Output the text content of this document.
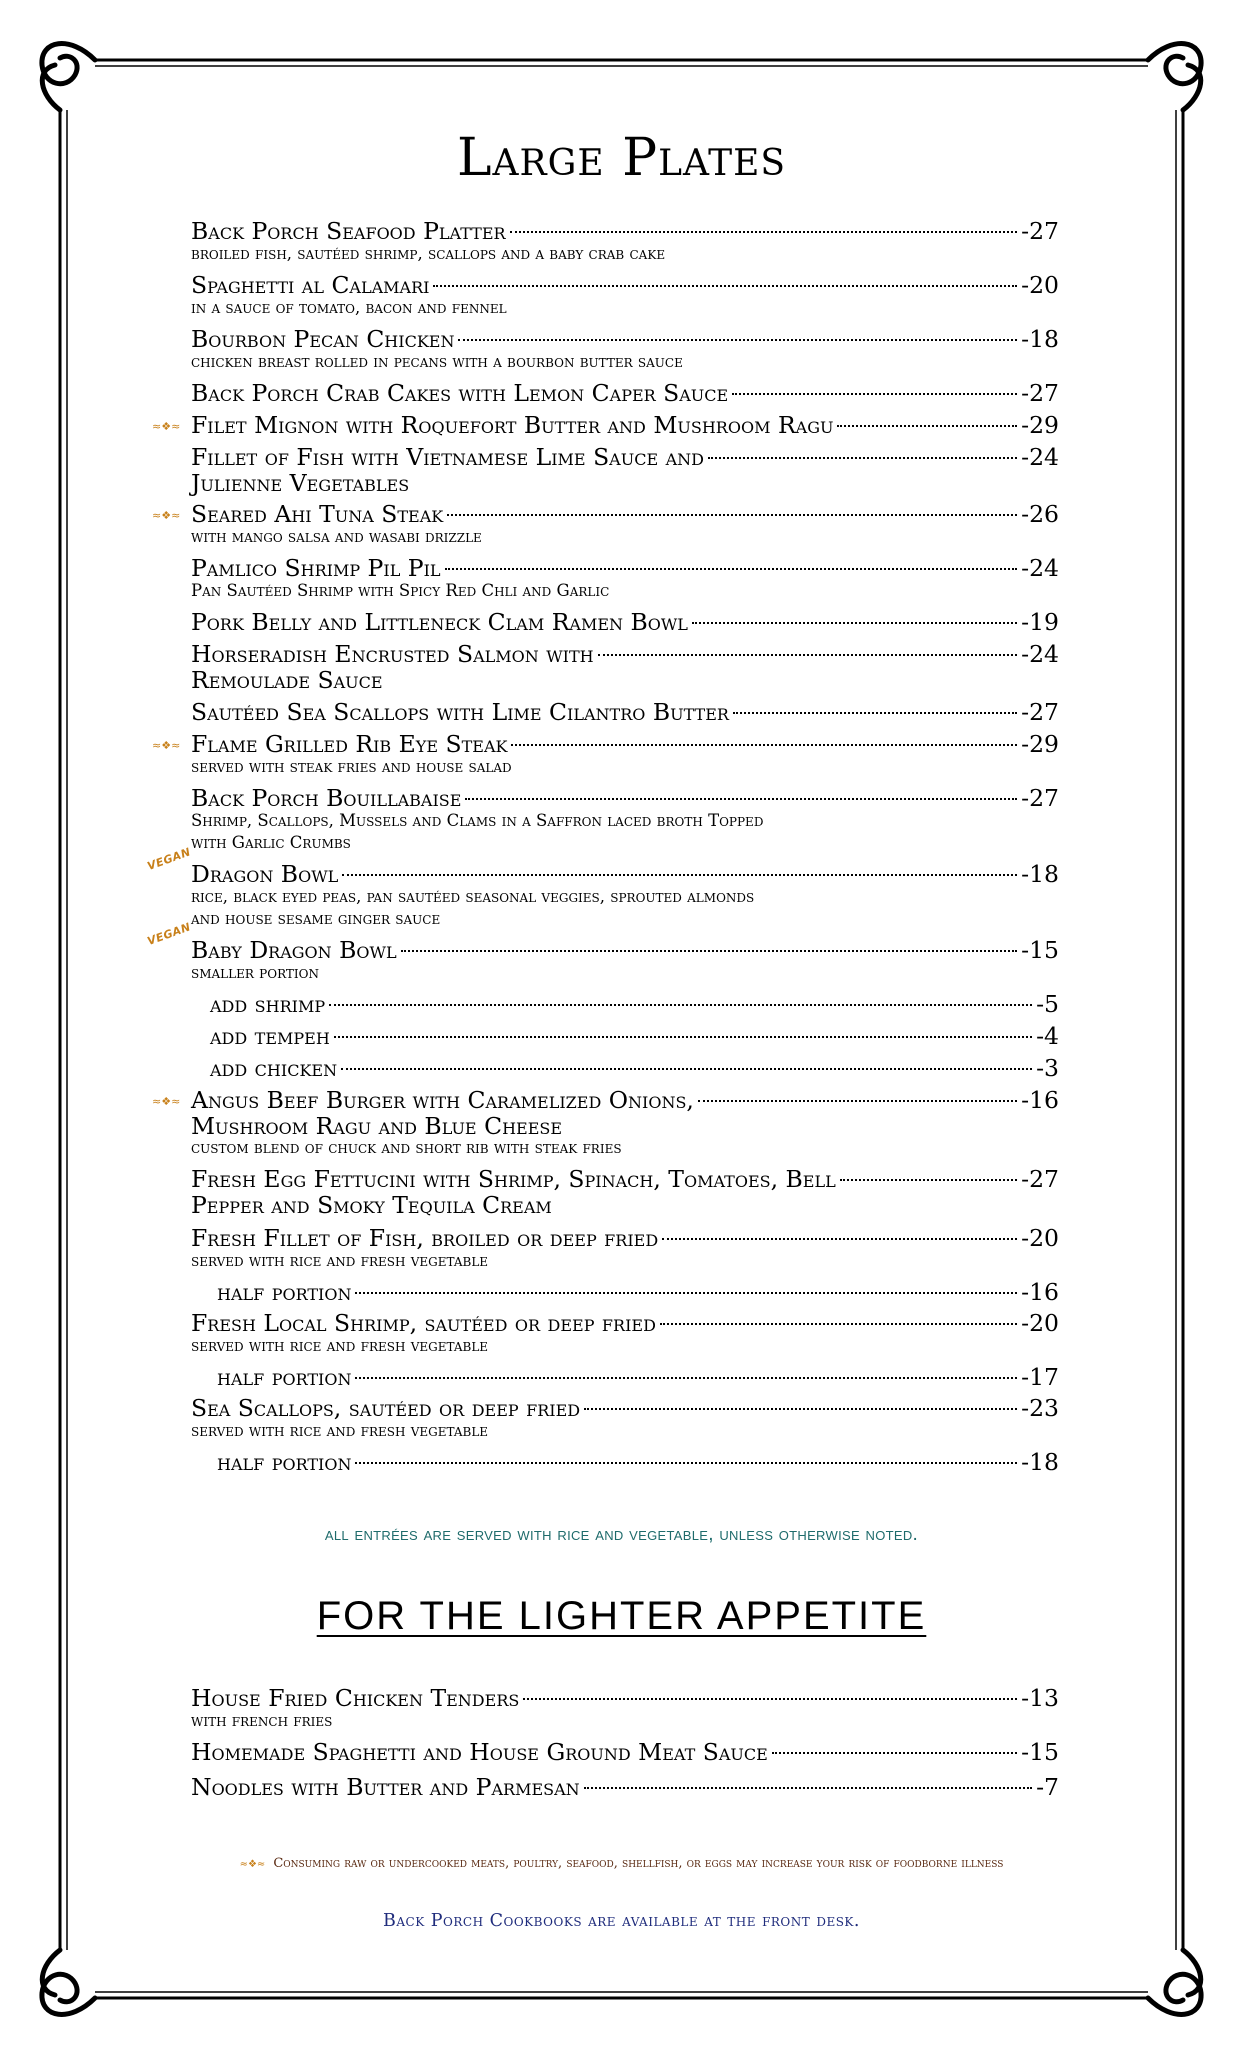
Large Plates
Back Porch Seafood Platter	-27
broiled fish, sautéed shrimp, scallops and a baby crab cake
Spaghetti al Calamari	-20
in a sauce of tomato, bacon and fennel
Bourbon Pecan Chicken	-18
chicken breast rolled in pecans with a bourbon butter sauce
Back Porch Crab Cakes with Lemon Caper Sauce	-27
≈❖≈ Filet Mignon with Roquefort Butter and Mushroom Ragu	-29
Fillet of Fish with Vietnamese Lime Sauce and	-24
Julienne Vegetables
≈❖≈ Seared Ahi Tuna Steak	-26
with mango salsa and wasabi drizzle
Pamlico Shrimp Pil Pil	-24
Pan Sautéed Shrimp with Spicy Red Chli and Garlic
Pork Belly and Littleneck Clam Ramen Bowl	-19
Horseradish Encrusted Salmon with	-24
Remoulade Sauce
Sautéed Sea Scallops with Lime Cilantro Butter	-27
≈❖≈ Flame Grilled Rib Eye Steak	-29
served with steak fries and house salad
Back Porch Bouillabaise	-27
Shrimp, Scallops, Mussels and Clams in a Saffron laced broth Topped
with Garlic Crumbs
VEGAN
Dragon Bowl	-18
rice, black eyed peas, pan sautéed seasonal veggies, sprouted almonds
and house sesame ginger sauce
VEGAN
Baby Dragon Bowl	-15
smaller portion
add shrimp	-5
add tempeh	-4
add chicken	-3
≈❖≈ Angus Beef Burger with Caramelized Onions,	-16
Mushroom Ragu and Blue Cheese
custom blend of chuck and short rib with steak fries
Fresh Egg Fettucini with Shrimp, Spinach, Tomatoes, Bell	-27
Pepper and Smoky Tequila Cream
Fresh Fillet of Fish, broiled or deep fried	-20
served with rice and fresh vegetable
half portion	-16
Fresh Local Shrimp, sautéed or deep fried	-20
served with rice and fresh vegetable
half portion	-17
Sea Scallops, sautéed or deep fried	-23
served with rice and fresh vegetable
half portion	-18
all entrées are served with rice and vegetable, unless otherwise noted.
FOR THE LIGHTER APPETITE
House Fried Chicken Tenders	-13
with french fries
Homemade Spaghetti and House Ground Meat Sauce	-15
Noodles with Butter and Parmesan	-7
≈❖≈ Consuming raw or undercooked meats, poultry, seafood, shellfish, or eggs may increase your risk of foodborne illness
Back Porch Cookbooks are available at the front desk.
